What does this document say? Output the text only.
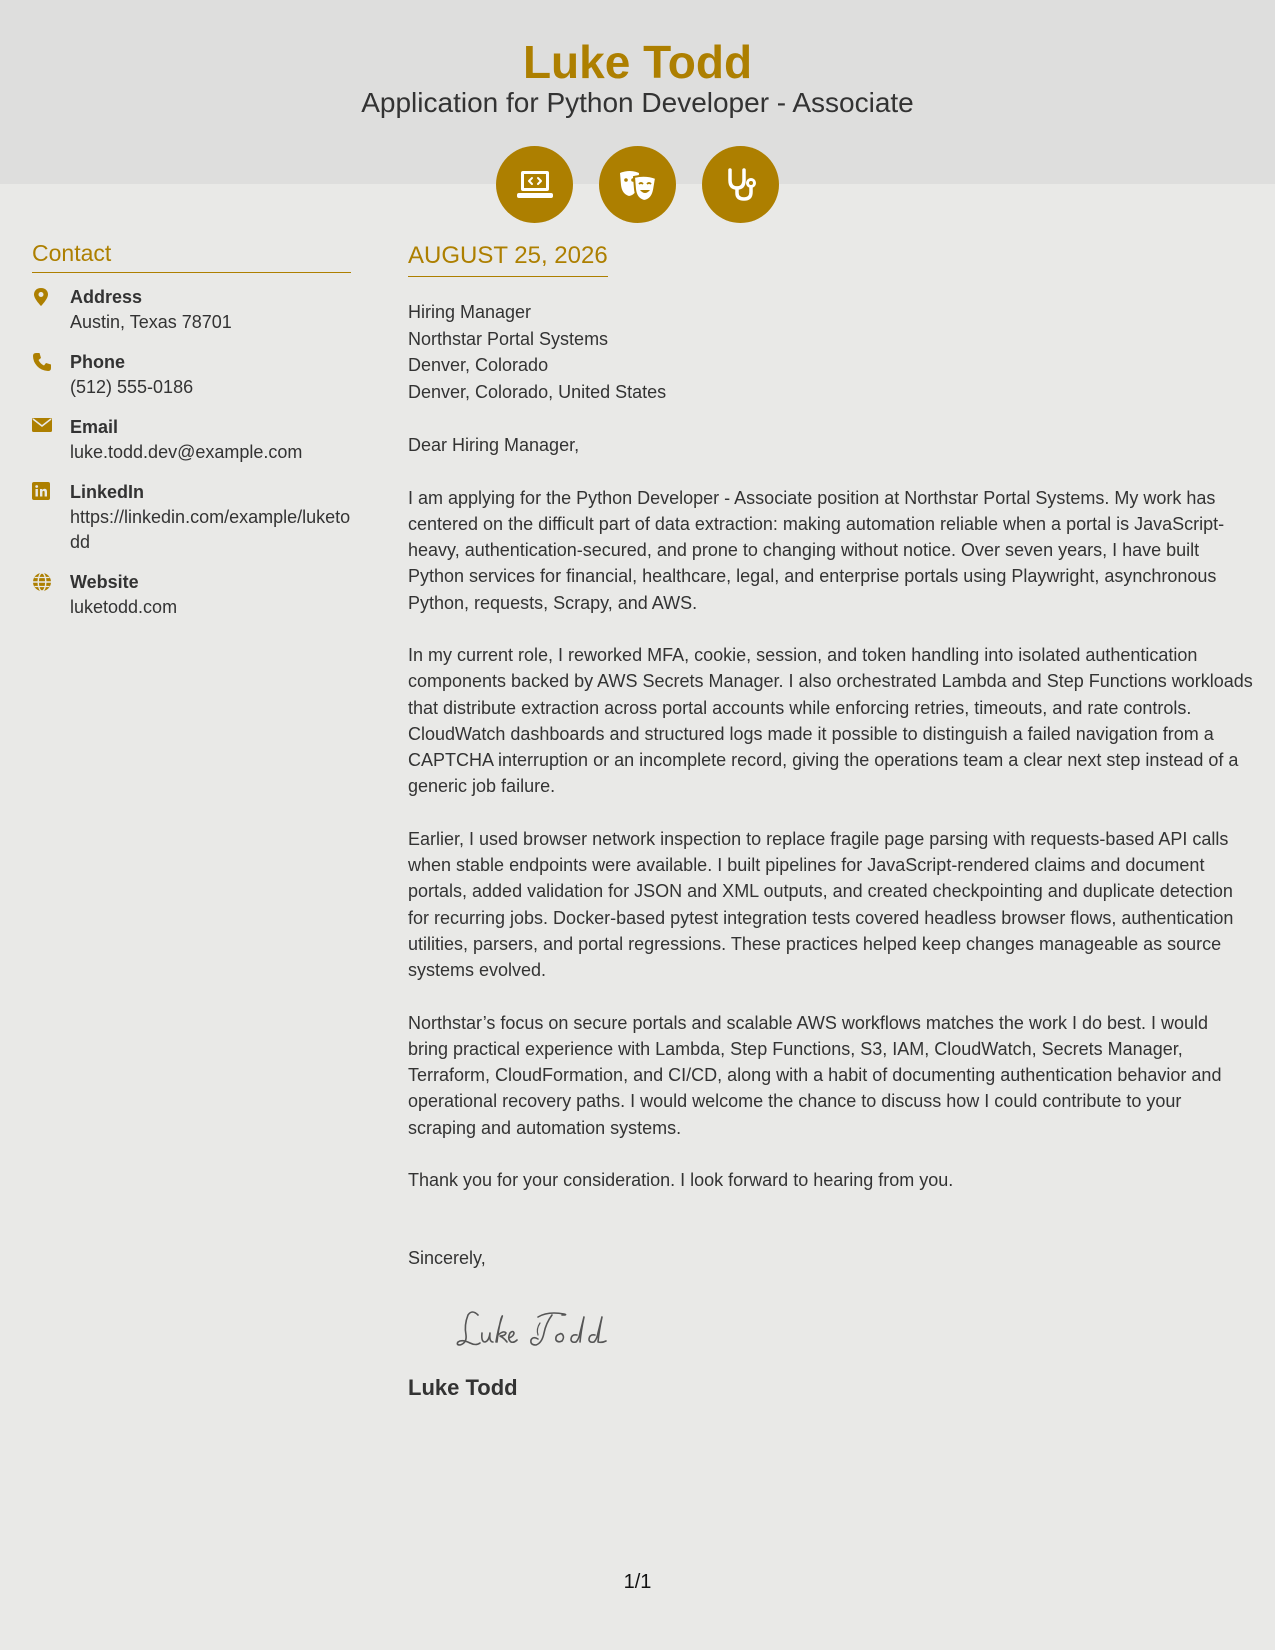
Luke Todd
Application for Python Developer - Associate
Contact
Address
Austin, Texas 78701
Phone
(512) 555-0186
Email
luke.todd.dev@example.com
LinkedIn
https://linkedin.com/example/luketodd
Website
luketodd.com
AUGUST 25, 2026
Hiring Manager
Northstar Portal Systems
Denver, Colorado
Denver, Colorado, United States
Dear Hiring Manager,
I am applying for the Python Developer - Associate position at Northstar Portal Systems. My work has centered on the difficult part of data extraction: making automation reliable when a portal is JavaScript-heavy, authentication-secured, and prone to changing without notice. Over seven years, I have built Python services for financial, healthcare, legal, and enterprise portals using Playwright, asynchronous Python, requests, Scrapy, and AWS.
In my current role, I reworked MFA, cookie, session, and token handling into isolated authentication components backed by AWS Secrets Manager. I also orchestrated Lambda and Step Functions workloads that distribute extraction across portal accounts while enforcing retries, timeouts, and rate controls. CloudWatch dashboards and structured logs made it possible to distinguish a failed navigation from a CAPTCHA interruption or an incomplete record, giving the operations team a clear next step instead of a generic job failure.
Earlier, I used browser network inspection to replace fragile page parsing with requests-based API calls when stable endpoints were available. I built pipelines for JavaScript-rendered claims and document portals, added validation for JSON and XML outputs, and created checkpointing and duplicate detection for recurring jobs. Docker-based pytest integration tests covered headless browser flows, authentication utilities, parsers, and portal regressions. These practices helped keep changes manageable as source systems evolved.
Northstar’s focus on secure portals and scalable AWS workflows matches the work I do best. I would bring practical experience with Lambda, Step Functions, S3, IAM, CloudWatch, Secrets Manager, Terraform, CloudFormation, and CI/CD, along with a habit of documenting authentication behavior and operational recovery paths. I would welcome the chance to discuss how I could contribute to your scraping and automation systems.
Thank you for your consideration. I look forward to hearing from you.
Sincerely,
Luke Todd
1/1
